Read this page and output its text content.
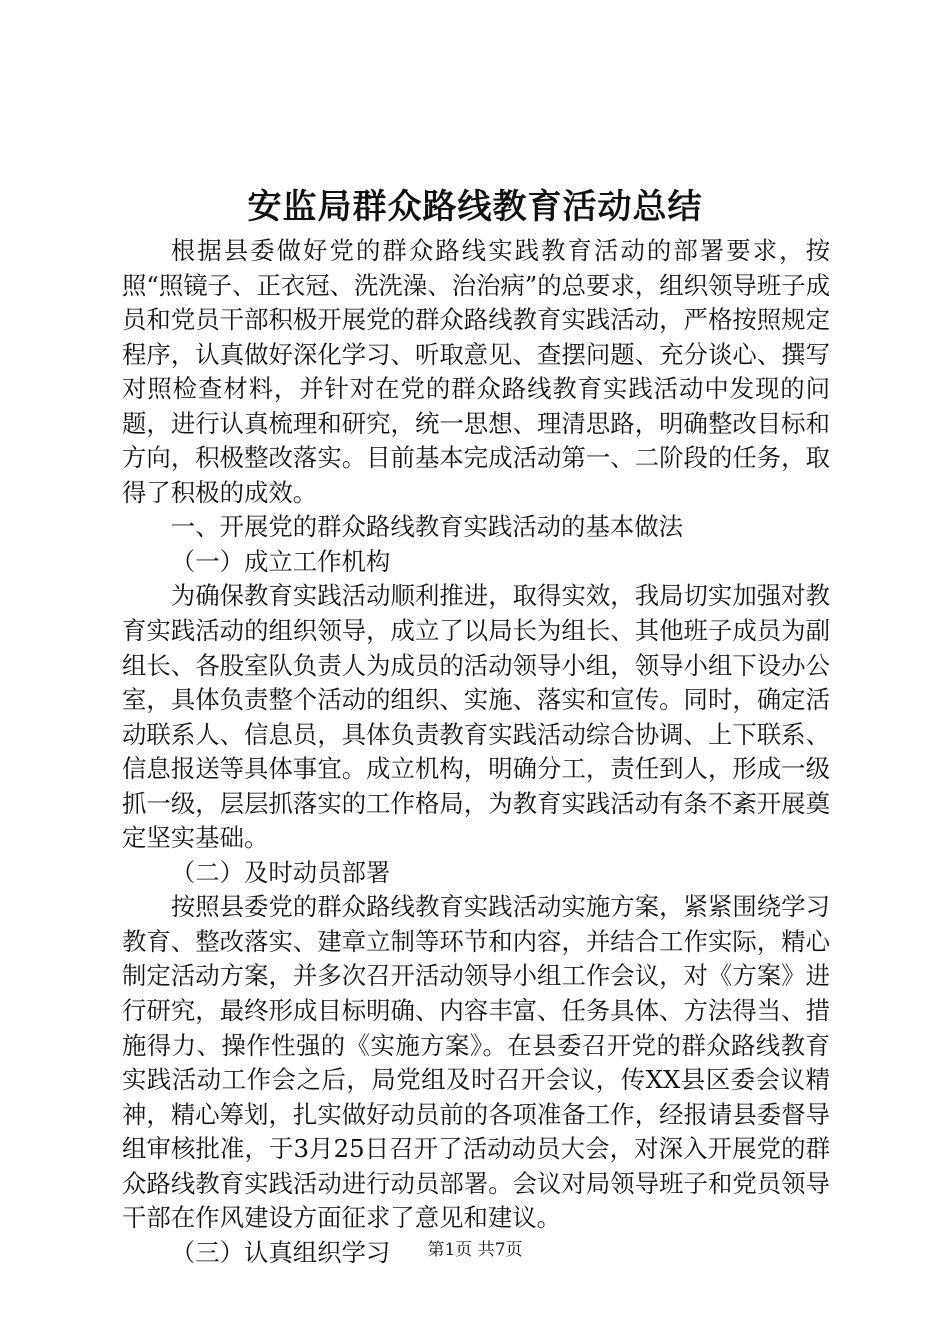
安监局群众路线教育活动总结

根据县委做好党的群众路线实践教育活动的部署要求，按照“照镜子、正衣冠、洗洗澡、治治病”的总要求，组织领导班子成员和党员干部积极开展党的群众路线教育实践活动，严格按照规定程序，认真做好深化学习、听取意见、查摆问题、充分谈心、撰写对照检查材料，并针对在党的群众路线教育实践活动中发现的问题，进行认真梳理和研究，统一思想、理清思路，明确整改目标和方向，积极整改落实。目前基本完成活动第一、二阶段的任务，取得了积极的成效。

一、开展党的群众路线教育实践活动的基本做法

（一）成立工作机构

为确保教育实践活动顺利推进，取得实效，我局切实加强对教育实践活动的组织领导，成立了以局长为组长、其他班子成员为副组长、各股室队负责人为成员的活动领导小组，领导小组下设办公室，具体负责整个活动的组织、实施、落实和宣传。同时，确定活动联系人、信息员，具体负责教育实践活动综合协调、上下联系、信息报送等具体事宜。成立机构，明确分工，责任到人，形成一级抓一级，层层抓落实的工作格局，为教育实践活动有条不紊开展奠定坚实基础。

（二）及时动员部署

按照县委党的群众路线教育实践活动实施方案，紧紧围绕学习教育、整改落实、建章立制等环节和内容，并结合工作实际，精心制定活动方案，并多次召开活动领导小组工作会议，对《方案》进行研究，最终形成目标明确、内容丰富、任务具体、方法得当、措施得力、操作性强的《实施方案》。在县委召开党的群众路线教育实践活动工作会之后，局党组及时召开会议，传XX县区委会议精神，精心筹划，扎实做好动员前的各项准备工作，经报请县委督导组审核批准，于3月25日召开了活动动员大会，对深入开展党的群众路线教育实践活动进行动员部署。会议对局领导班子和党员领导干部在作风建设方面征求了意见和建议。

（三）认真组织学习	第1页 共7页
